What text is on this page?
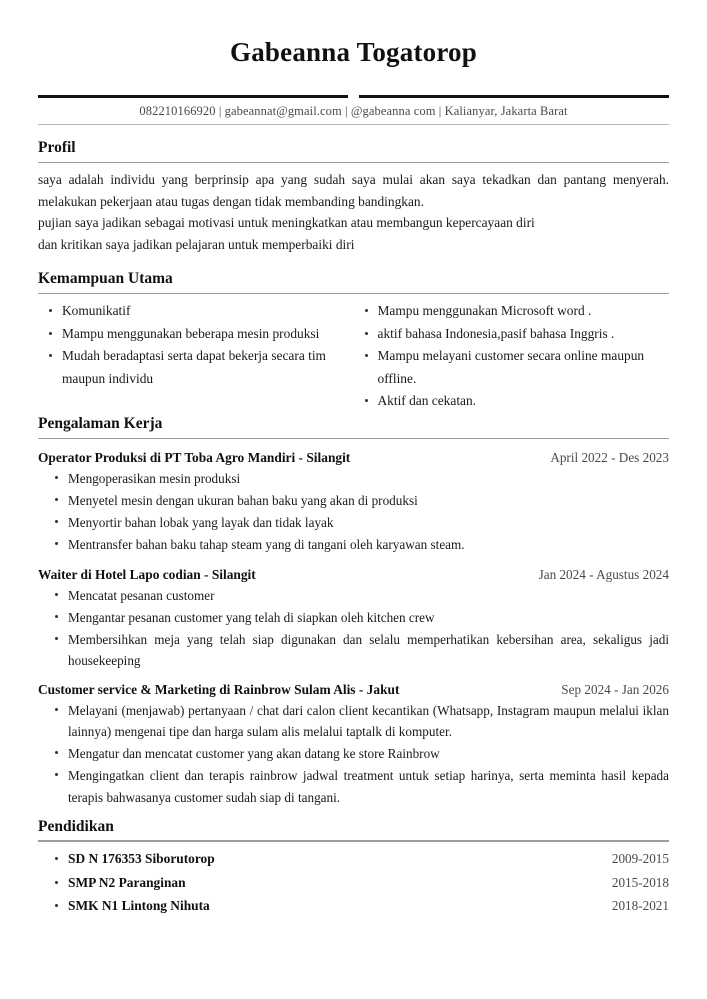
Gabeanna Togatorop
082210166920 | gabeannat@gmail.com | @gabeanna com | Kalianyar, Jakarta Barat
Profil

saya adalah individu yang berprinsip apa yang sudah saya mulai akan saya tekadkan dan pantang menyerah. melakukan pekerjaan atau tugas dengan tidak membanding bandingkan.

pujian saya jadikan sebagai motivasi untuk meningkatkan atau membangun kepercayaan diri

dan kritikan saya jadikan pelajaran untuk memperbaiki diri

Kemampuan Utama
Komunikatif
Mampu menggunakan beberapa mesin produksi
Mudah beradaptasi serta dapat bekerja secara tim maupun individu
Mampu menggunakan Microsoft word .
aktif bahasa Indonesia,pasif bahasa Inggris .
Mampu melayani customer secara online maupun offline.
Aktif dan cekatan.
Pengalaman Kerja
Operator Produksi di PT Toba Agro Mandiri - Silangit	April 2022 - Des 2023
Mengoperasikan mesin produksi
Menyetel mesin dengan ukuran bahan baku yang akan di produksi
Menyortir bahan lobak yang layak dan tidak layak
Mentransfer bahan baku tahap steam yang di tangani oleh karyawan steam.
Waiter di Hotel Lapo codian - Silangit	Jan 2024 - Agustus 2024
Mencatat pesanan customer
Mengantar pesanan customer yang telah di siapkan oleh kitchen crew
Membersihkan meja yang telah siap digunakan dan selalu memperhatikan kebersihan area, sekaligus jadi housekeeping
Customer service & Marketing di Rainbrow Sulam Alis - Jakut	Sep 2024 - Jan 2026
Melayani (menjawab) pertanyaan / chat dari calon client kecantikan (Whatsapp, Instagram maupun melalui iklan lainnya) mengenai tipe dan harga sulam alis melalui taptalk di komputer.
Mengatur dan mencatat customer yang akan datang ke store Rainbrow
Mengingatkan client dan terapis rainbrow jadwal treatment untuk setiap harinya, serta meminta hasil kepada terapis bahwasanya customer sudah siap di tangani.
Pendidikan
SD N 176353 Siborutorop	2009-2015
SMP N2 Paranginan	2015-2018
SMK N1 Lintong Nihuta	2018-2021
